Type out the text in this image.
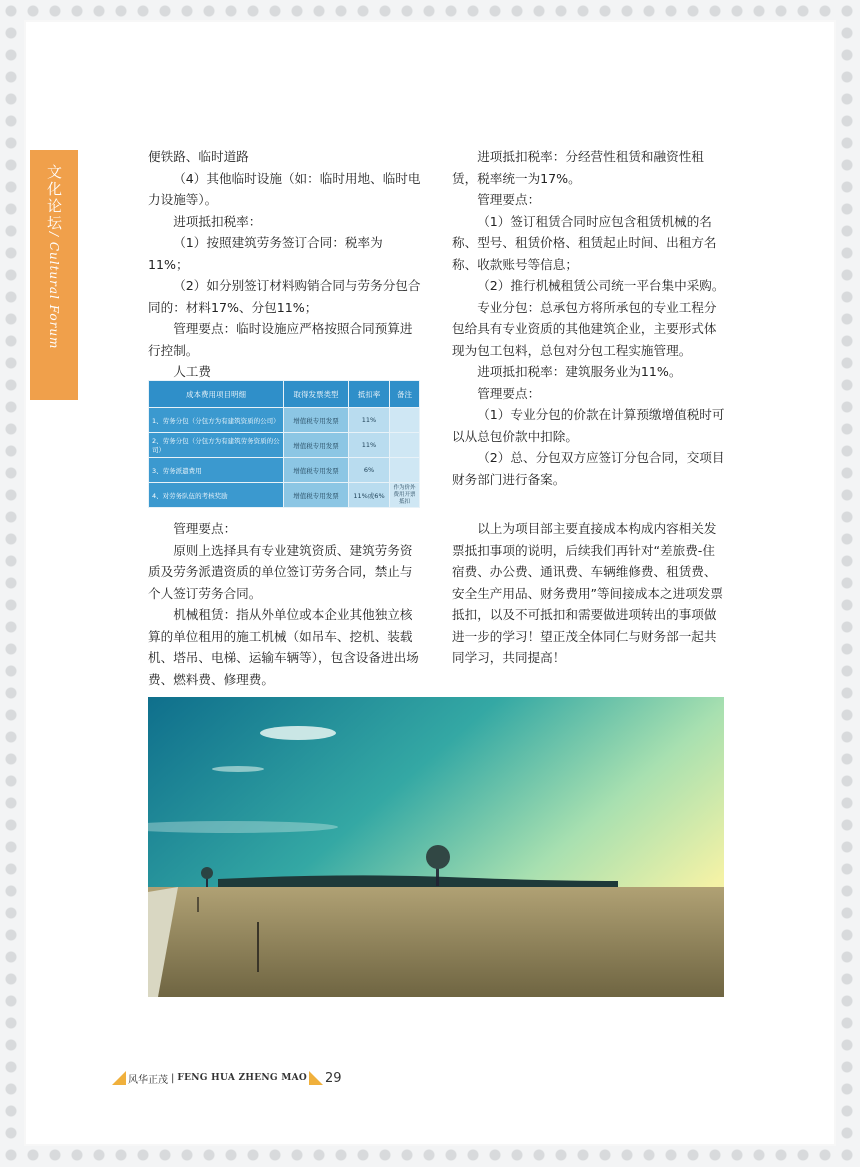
文化论坛/ Cultural Forum

便铁路、临时道路

（4）其他临时设施（如：临时用地、临时电力设施等）。

进项抵扣税率：

（1）按照建筑劳务签订合同：税率为11%；

（2）如分别签订材料购销合同与劳务分包合同的：材料17%、分包11%；

管理要点：临时设施应严格按照合同预算进行控制。

人工费

成本费用项目明细	取得发票类型	抵扣率	备注
1、劳务分包（分包方为有建筑资质的公司）	增值税专用发票	11%	
2、劳务分包（分包方为有建筑劳务资质的公司）	增值税专用发票	11%	
3、劳务派遣费用	增值税专用发票	6%	
4、对劳务队伍的考核奖励	增值税专用发票	11%或6%	作为价外费用开票抵扣

管理要点：

原则上选择具有专业建筑资质、建筑劳务资质及劳务派遣资质的单位签订劳务合同，禁止与个人签订劳务合同。

机械租赁：指从外单位或本企业其他独立核算的单位租用的施工机械（如吊车、挖机、装载机、塔吊、电梯、运输车辆等），包含设备进出场费、燃料费、修理费。

进项抵扣税率：分经营性租赁和融资性租赁，税率统一为17%。

管理要点：

（1）签订租赁合同时应包含租赁机械的名称、型号、租赁价格、租赁起止时间、出租方名称、收款账号等信息；

（2）推行机械租赁公司统一平台集中采购。

专业分包：总承包方将所承包的专业工程分包给具有专业资质的其他建筑企业，主要形式体现为包工包料，总包对分包工程实施管理。

进项抵扣税率：建筑服务业为11%。

管理要点：

（1）专业分包的价款在计算预缴增值税时可以从总包价款中扣除。

（2）总、分包双方应签订分包合同，交项目财务部门进行备案。

以上为项目部主要直接成本构成内容相关发票抵扣事项的说明，后续我们再针对“差旅费-住宿费、办公费、通讯费、车辆维修费、租赁费、安全生产用品、财务费用”等间接成本之进项发票抵扣，以及不可抵扣和需要做进项转出的事项做进一步的学习！望正茂全体同仁与财务部一起共同学习，共同提高！

风华正茂 | FENG HUA ZHENG MAO 29
